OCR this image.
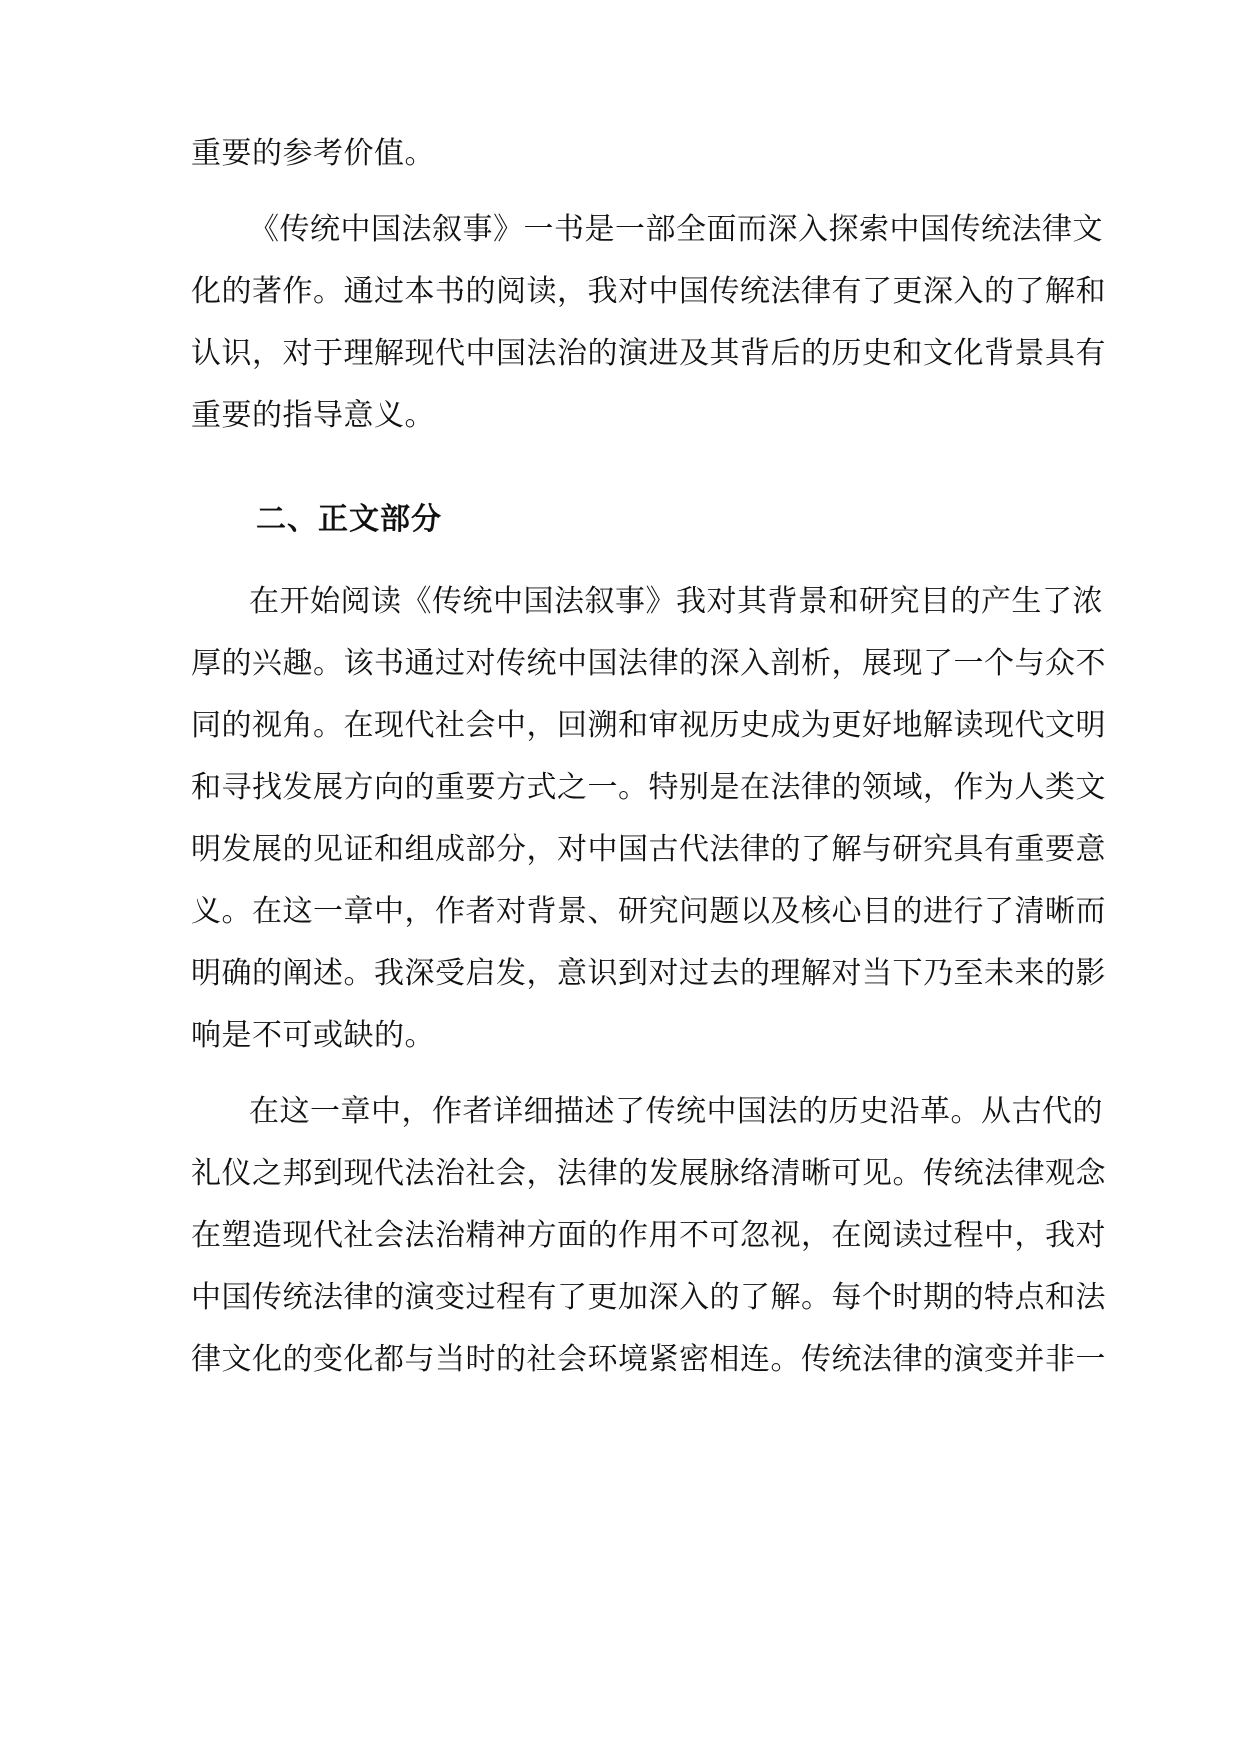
重要的参考价值。
《传统中国法叙事》一书是一部全面而深入探索中国传统法律文
化的著作。通过本书的阅读，我对中国传统法律有了更深入的了解和
认识，对于理解现代中国法治的演进及其背后的历史和文化背景具有
重要的指导意义。
二、正文部分
在开始阅读《传统中国法叙事》我对其背景和研究目的产生了浓
厚的兴趣。该书通过对传统中国法律的深入剖析，展现了一个与众不
同的视角。在现代社会中，回溯和审视历史成为更好地解读现代文明
和寻找发展方向的重要方式之一。特别是在法律的领域，作为人类文
明发展的见证和组成部分，对中国古代法律的了解与研究具有重要意
义。在这一章中，作者对背景、研究问题以及核心目的进行了清晰而
明确的阐述。我深受启发，意识到对过去的理解对当下乃至未来的影
响是不可或缺的。
在这一章中，作者详细描述了传统中国法的历史沿革。从古代的
礼仪之邦到现代法治社会，法律的发展脉络清晰可见。传统法律观念
在塑造现代社会法治精神方面的作用不可忽视，在阅读过程中，我对
中国传统法律的演变过程有了更加深入的了解。每个时期的特点和法
律文化的变化都与当时的社会环境紧密相连。传统法律的演变并非一
